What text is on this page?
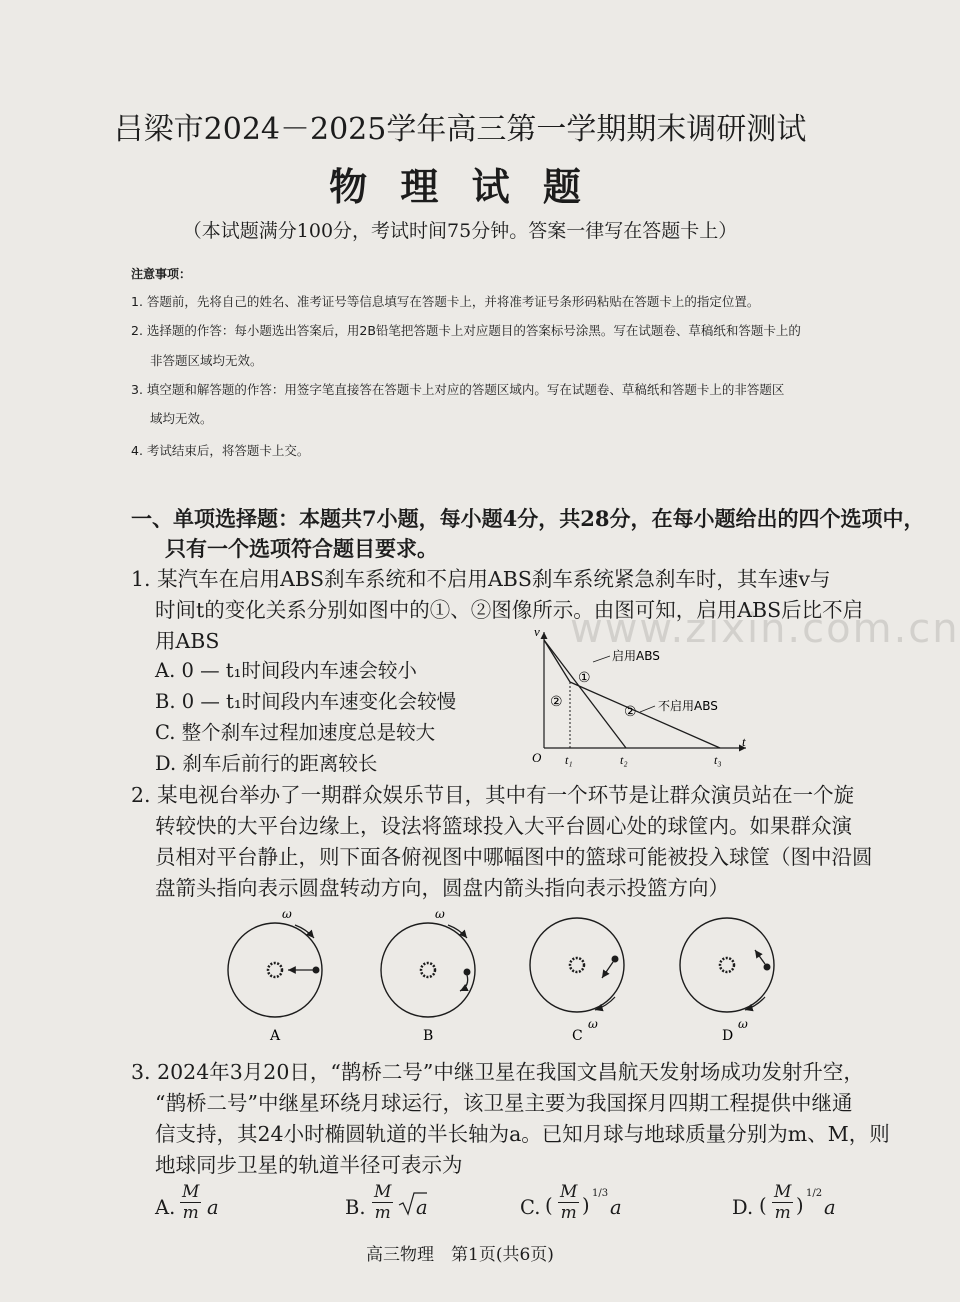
www.zixin.com.cn
吕梁市2024－2025学年高三第一学期期末调研测试
物 理 试 题
（本试题满分100分，考试时间75分钟。答案一律写在答题卡上）
注意事项：
1. 答题前，先将自己的姓名、准考证号等信息填写在答题卡上，并将准考证号条形码粘贴在答题卡上的指定位置。
2. 选择题的作答：每小题选出答案后，用2B铅笔把答题卡上对应题目的答案标号涂黑。写在试题卷、草稿纸和答题卡上的
非答题区域均无效。
3. 填空题和解答题的作答：用签字笔直接答在答题卡上对应的答题区域内。写在试题卷、草稿纸和答题卡上的非答题区
域均无效。
4. 考试结束后，将答题卡上交。
一、单项选择题：本题共7小题，每小题4分，共28分，在每小题给出的四个选项中，
只有一个选项符合题目要求。
1. 某汽车在启用ABS刹车系统和不启用ABS刹车系统紧急刹车时，其车速v与
时间t的变化关系分别如图中的①、②图像所示。由图可知，启用ABS后比不启
用ABS
A. 0 — t₁时间段内车速会较小
B. 0 — t₁时间段内车速变化会较慢
C. 整个刹车过程加速度总是较大
D. 刹车后前行的距离较长
v
t
O t₁	t₂	t₃
启用ABS
不启用ABS
①
②
②
2. 某电视台举办了一期群众娱乐节目，其中有一个环节是让群众演员站在一个旋
转较快的大平台边缘上，设法将篮球投入大平台圆心处的球筐内。如果群众演
员相对平台静止，则下面各俯视图中哪幅图中的篮球可能被投入球筐（图中沿圆
盘箭头指向表示圆盘转动方向，圆盘内箭头指向表示投篮方向）
ω
A
ω
B
ω
C
ω
D
3. 2024年3月20日，“鹊桥二号”中继卫星在我国文昌航天发射场成功发射升空，
“鹊桥二号”中继星环绕月球运行，该卫星主要为我国探月四期工程提供中继通
信支持，其24小时椭圆轨道的半长轴为a。已知月球与地球质量分别为m、M，则
地球同步卫星的轨道半径可表示为
A. $\frac{M}{m}$ a	B. $\frac{M}{m}$ a	C. ( $\frac{M}{m}$ )
1/3
a	D. ( $\frac{M}{m}$ )
1/2
a
高三物理　第1页(共6页)
